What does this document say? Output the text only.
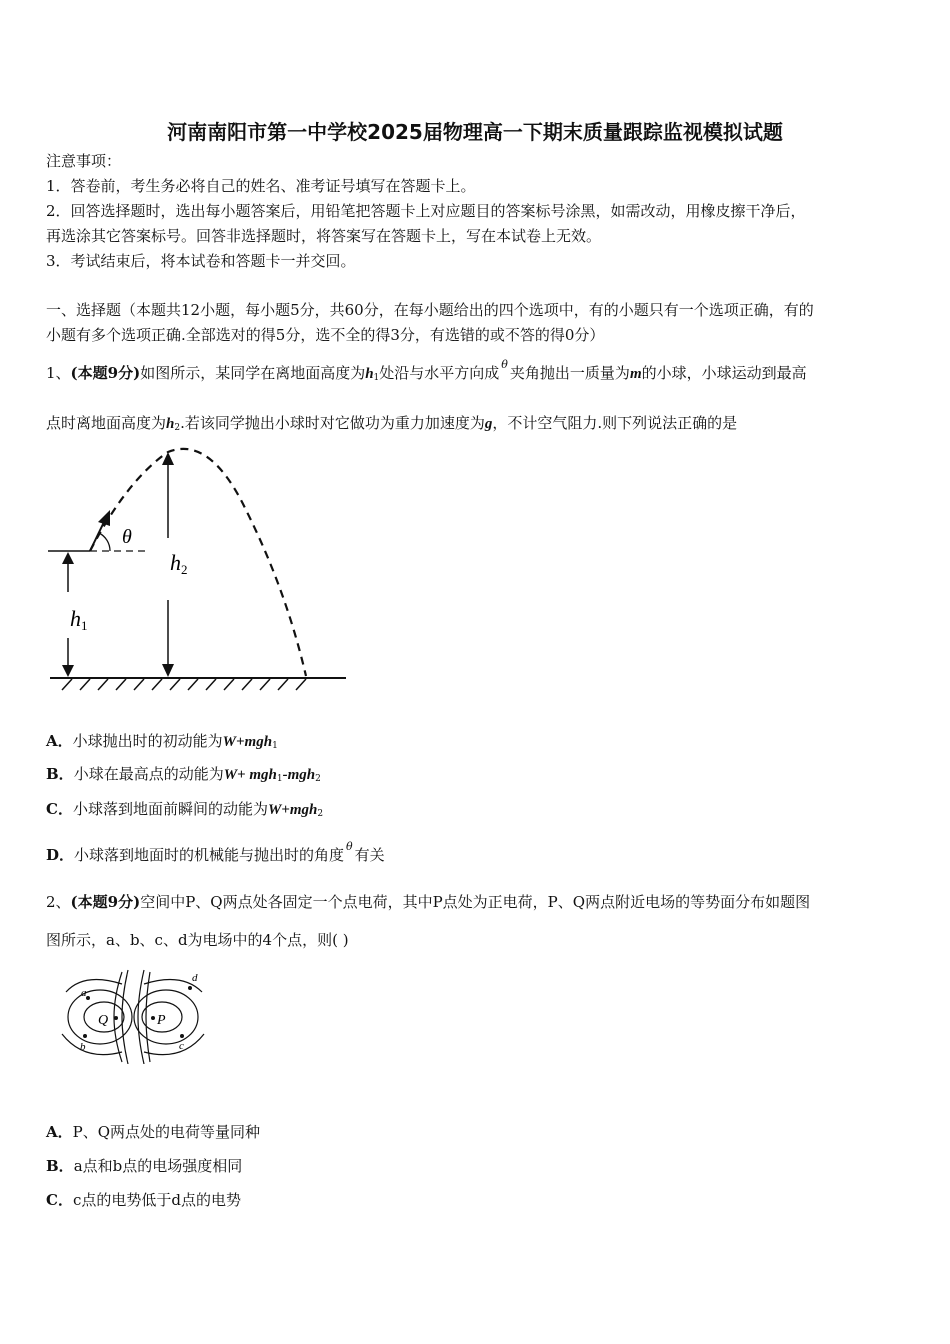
河南南阳市第一中学校2025届物理高一下期末质量跟踪监视模拟试题
注意事项：
1．答卷前，考生务必将自己的姓名、准考证号填写在答题卡上。
2．回答选择题时，选出每小题答案后，用铅笔把答题卡上对应题目的答案标号涂黑，如需改动，用橡皮擦干净后，
再选涂其它答案标号。回答非选择题时，将答案写在答题卡上，写在本试卷上无效。
3．考试结束后，将本试卷和答题卡一并交回。
一、选择题（本题共12小题，每小题5分，共60分，在每小题给出的四个选项中，有的小题只有一个选项正确，有的
小题有多个选项正确.全部选对的得5分，选不全的得3分，有选错的或不答的得0分）
1、(本题9分)如图所示，某同学在离地面高度为$h_1$处沿与水平方向成 $^\theta$ 夹角抛出一质量为m的小球，小球运动到最高
点时离地面高度为$h_2$.若该同学抛出小球时对它做功为重力加速度为g，不计空气阻力.则下列说法正确的是
h1
h2
θ
A．小球抛出时的初动能为W+mgh$_1$
B．小球在最高点的动能为W+ mgh$_1$-mgh$_2$
C．小球落到地面前瞬间的动能为W+mgh$_2$
D．小球落到地面时的机械能与抛出时的角度 $^\theta$ 有关
2、(本题9分)空间中P、Q两点处各固定一个点电荷，其中P点处为正电荷，P、Q两点附近电场的等势面分布如题图
图所示，a、b、c、d为电场中的4个点，则( )
Q	P
a
b	c
d
A．P、Q两点处的电荷等量同种
B．a点和b点的电场强度相同
C．c点的电势低于d点的电势
